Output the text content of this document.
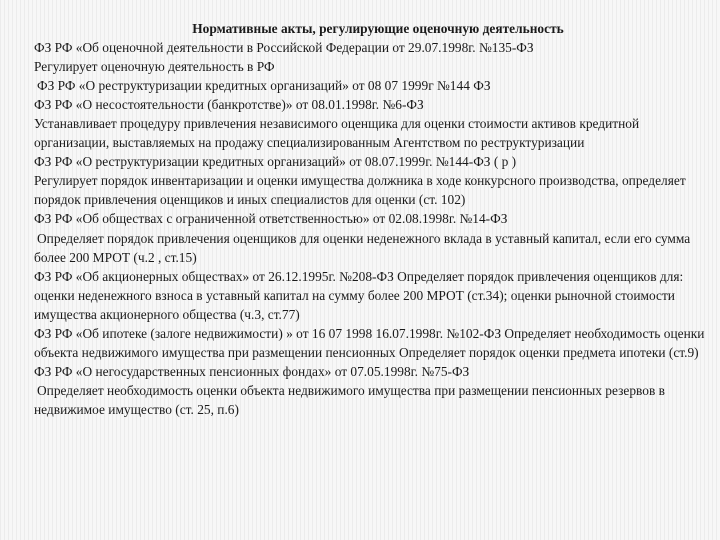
Нормативные акты, регулирующие оценочную деятельность

ФЗ РФ «Об оценочной деятельности в Российской Федерации от 29.07.1998г. №135-ФЗ

Регулирует оценочную деятельность в РФ

ФЗ РФ «О реструктуризации кредитных организаций» от 08 07 1999г №144 ФЗ

ФЗ РФ «О несостоятельности (банкротстве)» от 08.01.1998г. №6-ФЗ

Устанавливает процедуру привлечения независимого оценщика для оценки стоимости активов кредитной организации, выставляемых на продажу специализированным Агентством по реструктуризации

ФЗ РФ «О реструктуризации кредитных организаций» от 08.07.1999г. №144-ФЗ ( р )

Регулирует порядок инвентаризации и оценки имущества должника в ходе конкурсного производства, определяет порядок привлечения оценщиков и иных специалистов для оценки (ст. 102)

ФЗ РФ «Об обществах с ограниченной ответственностью» от 02.08.1998г. №14-ФЗ

Определяет порядок привлечения оценщиков для оценки неденежного вклада в уставный капитал, если его сумма более 200 МРОТ (ч.2 , ст.15)

ФЗ РФ «Об акционерных обществах» от 26.12.1995г. №208-ФЗ Определяет порядок привлечения оценщиков для: оценки неденежного взноса в уставный капитал на сумму более 200 МРОТ (ст.34); оценки рыночной стоимости имущества акционерного общества (ч.3, ст.77)

ФЗ РФ «Об ипотеке (залоге недвижимости) » от 16 07 1998 16.07.1998г. №102-ФЗ Определяет необходимость оценки объекта недвижимого имущества при размещении пенсионных Определяет порядок оценки предмета ипотеки (ст.9)

ФЗ РФ «О негосударственных пенсионных фондах» от 07.05.1998г. №75-ФЗ

Определяет необходимость оценки объекта недвижимого имущества при размещении пенсионных резервов в недвижимое имущество (ст. 25, п.6)
